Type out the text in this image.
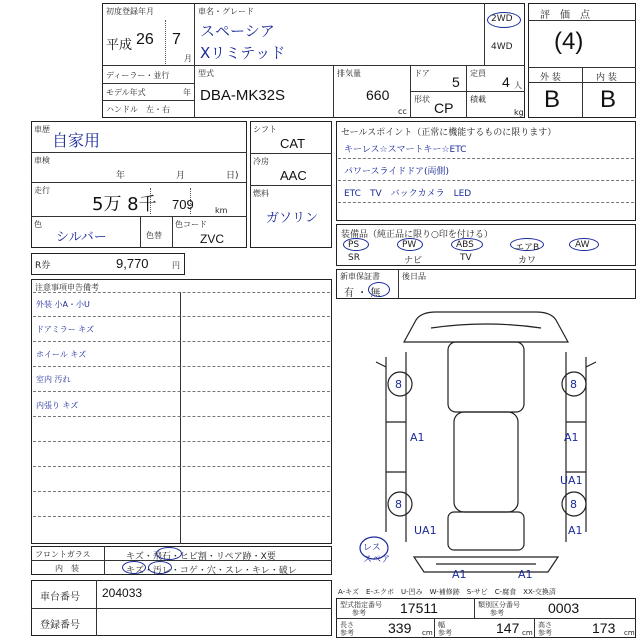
初度登録年月
平成 26 7
月
車名・グレード
スペーシア
Xリミテッド
2WD
4WD
ディーラー・並行
モデル年式	年
ハンドル　左・右
型式
DBA-MK32S
排気量
660
cc
ドア
5
定員
4 人
形状
CP
積載
kg
評　価　点
(4)
外 装	内 装
B B
車歴
自家用
車検
年	月	日)
走行
5万 8千 709	km
色
シルバー	色替
色コード
ZVC
シフト
CAT
冷房
AAC
燃料
ガソリン
R券	9,770	円
セールスポイント（正常に機能するものに限ります）
キーレス☆スマートキー☆ETC
パワースライドドア(両側)
ETC　TV　バックカメラ　LED
装備品（純正品に限り○印を付ける）
PS	PW	ABS	エアB	AW
SR	ナビ	TV	カワ
新車保証書
有 ・ 無
後日品
注意事項申告備考
外装 小A・小U
ドアミラー キズ
ホイール キズ
室内 汚れ
内張り キズ
8	8
A1	A1
UA1
8	8
UA1	A1
A1	A1
レス
スペア
フロントガラス	キズ・飛石・ヒビ割・リペア跡・X要
内　装	キズ・汚レ・コゲ・穴・スレ・キレ・破レ
A-キズ　E-エクボ　U-凹み　W-補修跡　S-サビ　C-腐食　XX-交換済
車台番号 204033
登録番号
型式指定番号
参考 17511	類別区分番号
参考	0003
長さ
参考 339 cm
幅
参考	147 cm
高さ
参考	173 cm
